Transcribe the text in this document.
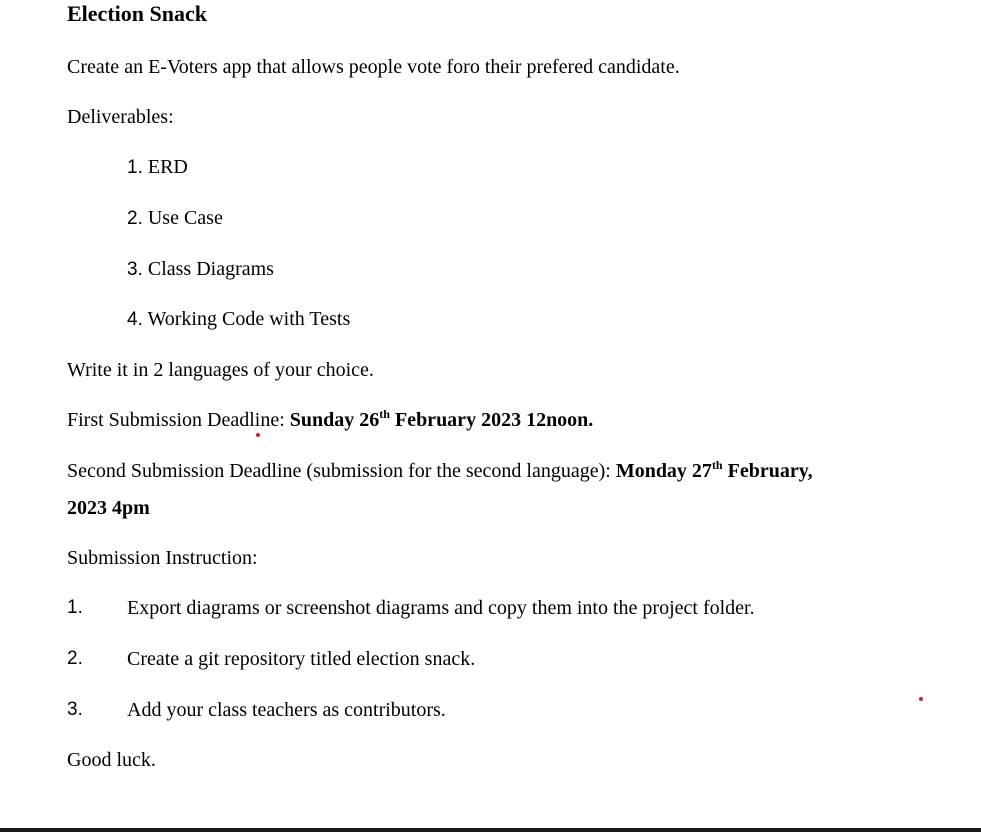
Election Snack
Create an E-Voters app that allows people vote foro their prefered candidate.
Deliverables:
1. ERD
2. Use Case
3. Class Diagrams
4. Working Code with Tests
Write it in 2 languages of your choice.
First Submission Deadline: Sunday 26th February 2023 12noon.
Second Submission Deadline (submission for the second language): Monday 27th February,
2023 4pm
Submission Instruction:
1. Export diagrams or screenshot diagrams and copy them into the project folder.
2. Create a git repository titled election snack.
3. Add your class teachers as contributors.
Good luck.
